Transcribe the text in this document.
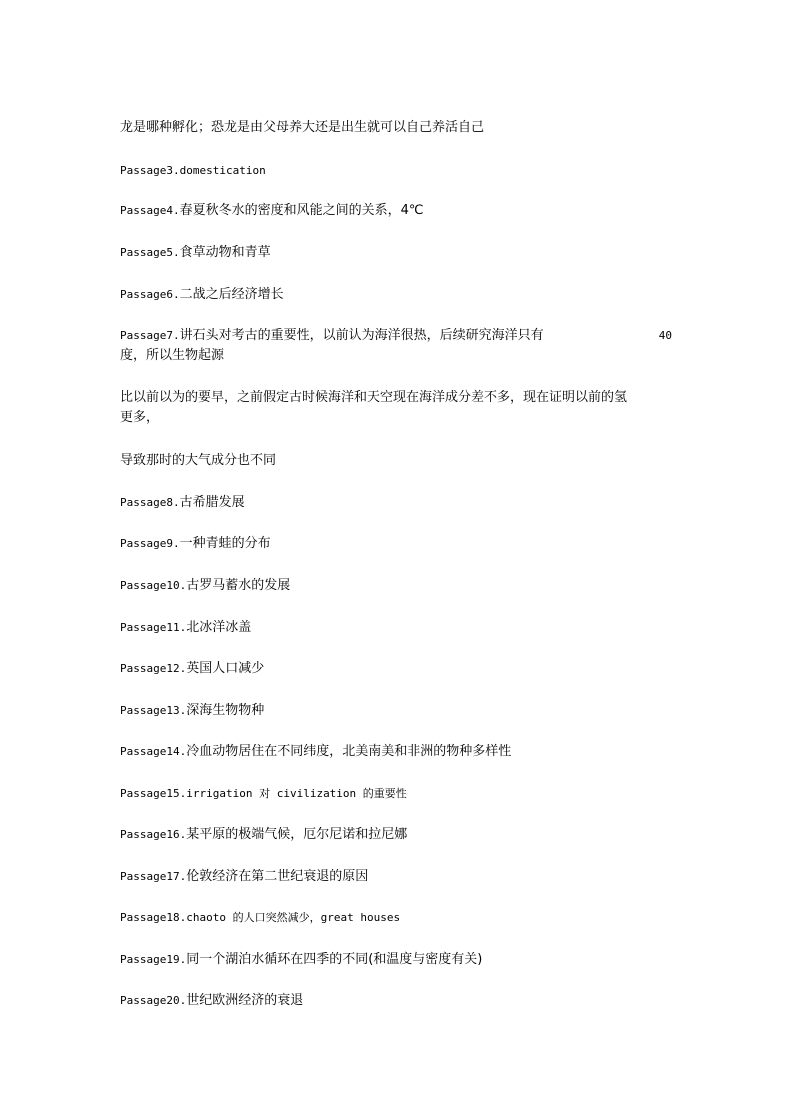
龙是哪种孵化；恐龙是由父母养大还是出生就可以自己养活自己
Passage3.domestication
Passage4.春夏秋冬水的密度和风能之间的关系，4℃
Passage5.食草动物和青草
Passage6.二战之后经济增长
Passage7.讲石头对考古的重要性，以前认为海洋很热，后续研究海洋只有	40
度，所以生物起源
比以前以为的要早，之前假定古时候海洋和天空现在海洋成分差不多，现在证明以前的氢
更多，
导致那时的大气成分也不同
Passage8.古希腊发展
Passage9.一种青蛙的分布
Passage10.古罗马蓄水的发展
Passage11.北冰洋冰盖
Passage12.英国人口减少
Passage13.深海生物物种
Passage14.冷血动物居住在不同纬度，北美南美和非洲的物种多样性
Passage15.irrigation 对 civilization 的重要性
Passage16.某平原的极端气候，厄尔尼诺和拉尼娜
Passage17.伦敦经济在第二世纪衰退的原因
Passage18.chaoto 的人口突然减少，great houses
Passage19.同一个湖泊水循环在四季的不同(和温度与密度有关)
Passage20.世纪欧洲经济的衰退
